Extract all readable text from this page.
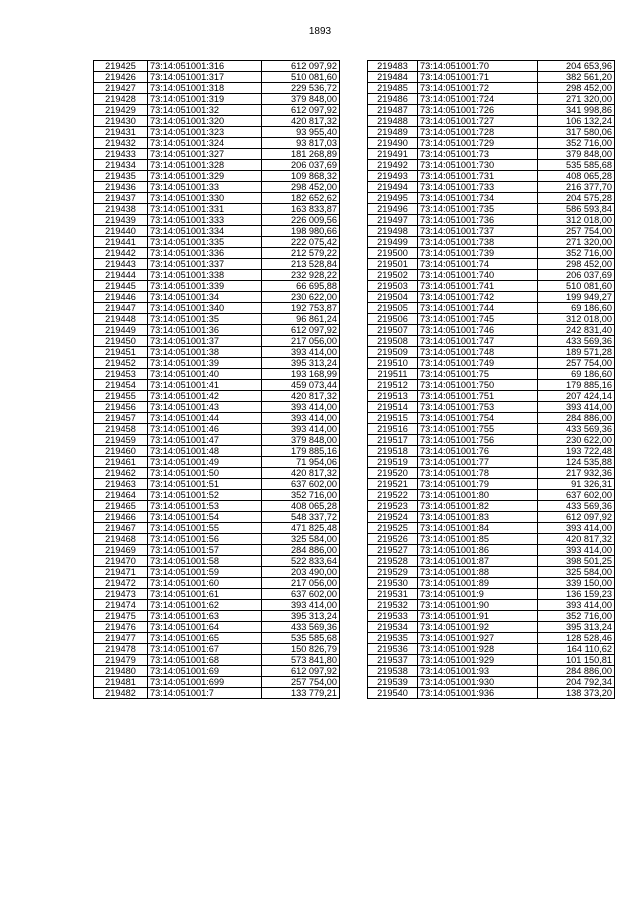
1893
219425	73:14:051001:316	612 097,92
219426	73:14:051001:317	510 081,60
219427	73:14:051001:318	229 536,72
219428	73:14:051001:319	379 848,00
219429	73:14:051001:32	612 097,92
219430	73:14:051001:320	420 817,32
219431	73:14:051001:323	93 955,40
219432	73:14:051001:324	93 817,03
219433	73:14:051001:327	181 268,89
219434	73:14:051001:328	206 037,69
219435	73:14:051001:329	109 868,32
219436	73:14:051001:33	298 452,00
219437	73:14:051001:330	182 652,62
219438	73:14:051001:331	163 833,87
219439	73:14:051001:333	226 009,56
219440	73:14:051001:334	198 980,66
219441	73:14:051001:335	222 075,42
219442	73:14:051001:336	212 579,22
219443	73:14:051001:337	213 528,84
219444	73:14:051001:338	232 928,22
219445	73:14:051001:339	66 695,88
219446	73:14:051001:34	230 622,00
219447	73:14:051001:340	192 753,87
219448	73:14:051001:35	96 861,24
219449	73:14:051001:36	612 097,92
219450	73:14:051001:37	217 056,00
219451	73:14:051001:38	393 414,00
219452	73:14:051001:39	395 313,24
219453	73:14:051001:40	193 168,99
219454	73:14:051001:41	459 073,44
219455	73:14:051001:42	420 817,32
219456	73:14:051001:43	393 414,00
219457	73:14:051001:44	393 414,00
219458	73:14:051001:46	393 414,00
219459	73:14:051001:47	379 848,00
219460	73:14:051001:48	179 885,16
219461	73:14:051001:49	71 954,06
219462	73:14:051001:50	420 817,32
219463	73:14:051001:51	637 602,00
219464	73:14:051001:52	352 716,00
219465	73:14:051001:53	408 065,28
219466	73:14:051001:54	548 337,72
219467	73:14:051001:55	471 825,48
219468	73:14:051001:56	325 584,00
219469	73:14:051001:57	284 886,00
219470	73:14:051001:58	522 833,64
219471	73:14:051001:59	203 490,00
219472	73:14:051001:60	217 056,00
219473	73:14:051001:61	637 602,00
219474	73:14:051001:62	393 414,00
219475	73:14:051001:63	395 313,24
219476	73:14:051001:64	433 569,36
219477	73:14:051001:65	535 585,68
219478	73:14:051001:67	150 826,79
219479	73:14:051001:68	573 841,80
219480	73:14:051001:69	612 097,92
219481	73:14:051001:699	257 754,00
219482	73:14:051001:7	133 779,21
219483	73:14:051001:70	204 653,96
219484	73:14:051001:71	382 561,20
219485	73:14:051001:72	298 452,00
219486	73:14:051001:724	271 320,00
219487	73:14:051001:726	341 998,86
219488	73:14:051001:727	106 132,24
219489	73:14:051001:728	317 580,06
219490	73:14:051001:729	352 716,00
219491	73:14:051001:73	379 848,00
219492	73:14:051001:730	535 585,68
219493	73:14:051001:731	408 065,28
219494	73:14:051001:733	216 377,70
219495	73:14:051001:734	204 575,28
219496	73:14:051001:735	586 593,84
219497	73:14:051001:736	312 018,00
219498	73:14:051001:737	257 754,00
219499	73:14:051001:738	271 320,00
219500	73:14:051001:739	352 716,00
219501	73:14:051001:74	298 452,00
219502	73:14:051001:740	206 037,69
219503	73:14:051001:741	510 081,60
219504	73:14:051001:742	199 949,27
219505	73:14:051001:744	69 186,60
219506	73:14:051001:745	312 018,00
219507	73:14:051001:746	242 831,40
219508	73:14:051001:747	433 569,36
219509	73:14:051001:748	189 571,28
219510	73:14:051001:749	257 754,00
219511	73:14:051001:75	69 186,60
219512	73:14:051001:750	179 885,16
219513	73:14:051001:751	207 424,14
219514	73:14:051001:753	393 414,00
219515	73:14:051001:754	284 886,00
219516	73:14:051001:755	433 569,36
219517	73:14:051001:756	230 622,00
219518	73:14:051001:76	193 722,48
219519	73:14:051001:77	124 535,88
219520	73:14:051001:78	217 932,36
219521	73:14:051001:79	91 326,31
219522	73:14:051001:80	637 602,00
219523	73:14:051001:82	433 569,36
219524	73:14:051001:83	612 097,92
219525	73:14:051001:84	393 414,00
219526	73:14:051001:85	420 817,32
219527	73:14:051001:86	393 414,00
219528	73:14:051001:87	398 501,25
219529	73:14:051001:88	325 584,00
219530	73:14:051001:89	339 150,00
219531	73:14:051001:9	136 159,23
219532	73:14:051001:90	393 414,00
219533	73:14:051001:91	352 716,00
219534	73:14:051001:92	395 313,24
219535	73:14:051001:927	128 528,46
219536	73:14:051001:928	164 110,62
219537	73:14:051001:929	101 150,81
219538	73:14:051001:93	284 886,00
219539	73:14:051001:930	204 792,34
219540	73:14:051001:936	138 373,20
